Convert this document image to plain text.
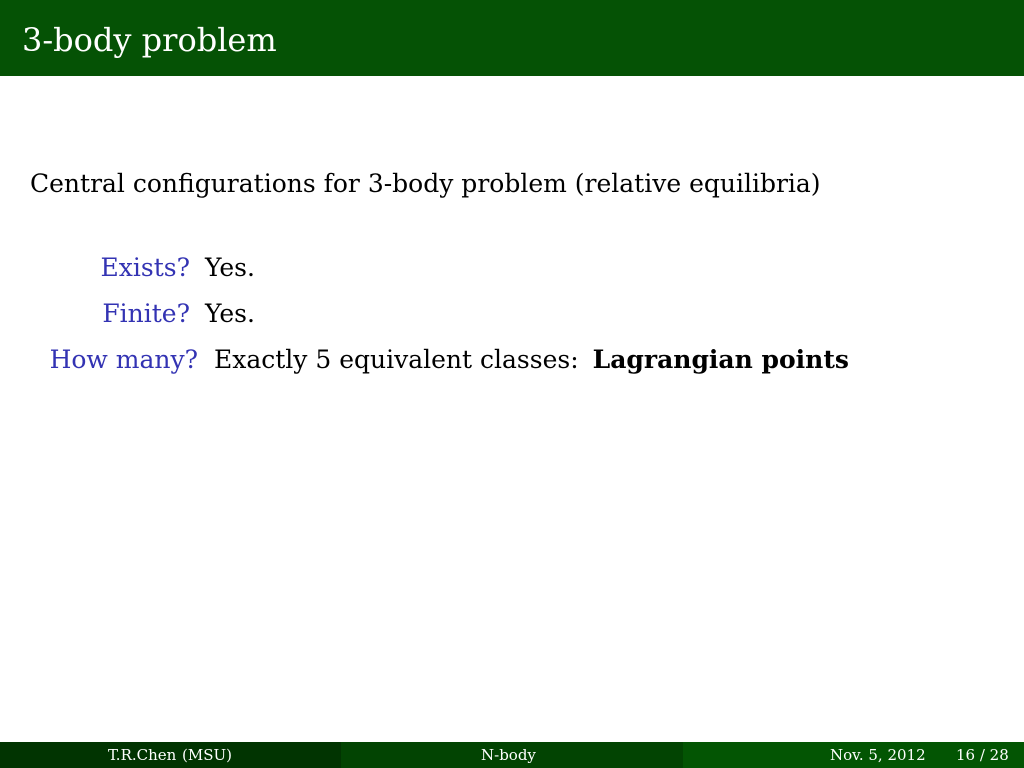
3-body problem
Central configurations for 3-body problem (relative equilibria)
Exists? Yes.
Finite? Yes.
How many? Exactly 5 equivalent classes: Lagrangian points
T.R.Chen (MSU)	N-body	Nov. 5, 2012 16 / 28
